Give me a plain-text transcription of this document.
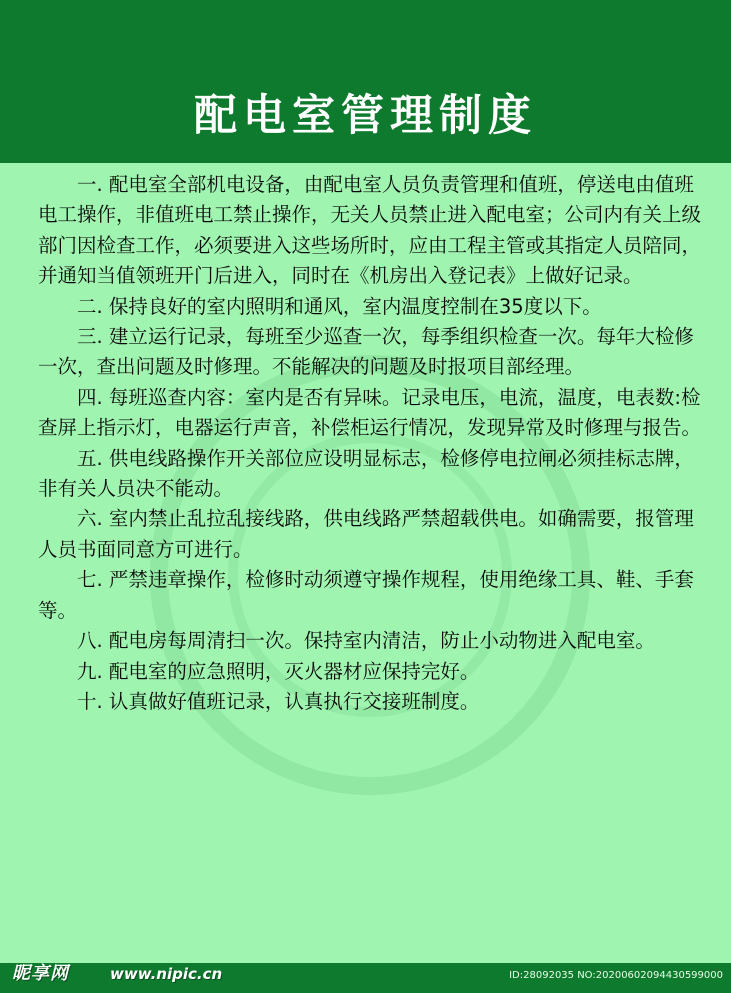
配电室管理制度

一. 配电室全部机电设备，由配电室人员负责管理和值班，停送电由值班电工操作，非值班电工禁止操作，无关人员禁止进入配电室；公司内有关上级部门因检查工作，必须要进入这些场所时，应由工程主管或其指定人员陪同，并通知当值领班开门后进入，同时在《机房出入登记表》上做好记录。

二. 保持良好的室内照明和通风，室内温度控制在35度以下。

三. 建立运行记录，每班至少巡查一次，每季组织检查一次。每年大检修一次，查出问题及时修理。不能解决的问题及时报项目部经理。

四. 每班巡查内容：室内是否有异味。记录电压，电流，温度，电表数:检查屏上指示灯，电器运行声音，补偿柜运行情况，发现异常及时修理与报告。

五. 供电线路操作开关部位应设明显标志，检修停电拉闸必须挂标志牌，非有关人员决不能动。

六. 室内禁止乱拉乱接线路，供电线路严禁超载供电。如确需要，报管理人员书面同意方可进行。

七. 严禁违章操作，检修时动须遵守操作规程，使用绝缘工具、鞋、手套等。

八. 配电房每周清扫一次。保持室内清洁，防止小动物进入配电室。

九. 配电室的应急照明，灭火器材应保持完好。

十. 认真做好值班记录，认真执行交接班制度。

昵享网	www.nipic.cn	ID:28092035 NO:20200602094430599000
